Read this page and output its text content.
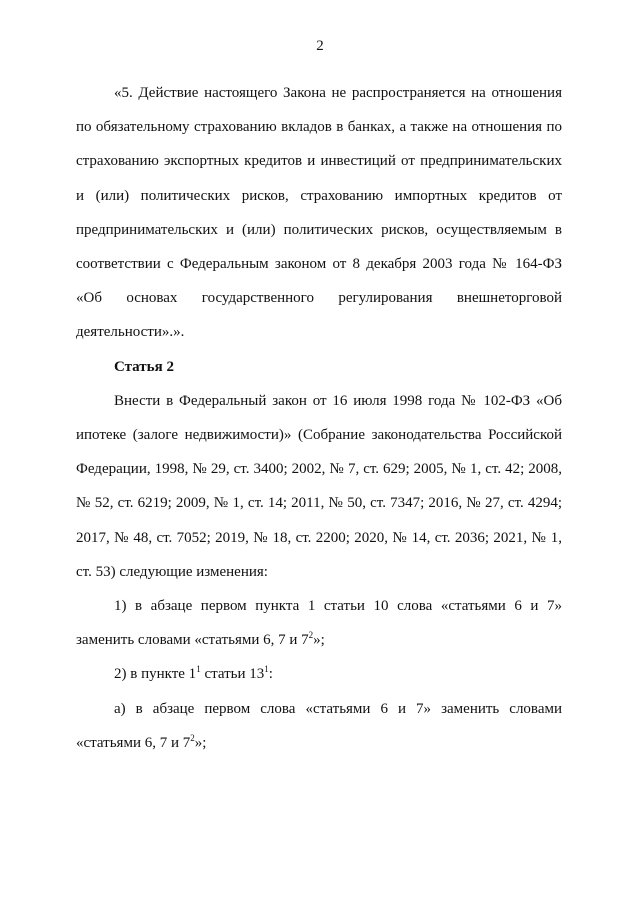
2

«5. Действие настоящего Закона не распространяется на отношения по обязательному страхованию вкладов в банках, а также на отношения по страхованию экспортных кредитов и инвестиций от предпринимательских и (или) политических рисков, страхованию импортных кредитов от предпринимательских и (или) политических рисков, осуществляемым в соответствии с Федеральным законом от 8 декабря 2003 года № 164-ФЗ «Об основах государственного регулирования внешнеторговой деятельности».».

Статья 2

Внести в Федеральный закон от 16 июля 1998 года № 102-ФЗ «Об ипотеке (залоге недвижимости)» (Собрание законодательства Российской Федерации, 1998, № 29, ст. 3400; 2002, № 7, ст. 629; 2005, № 1, ст. 42; 2008, № 52, ст. 6219; 2009, № 1, ст. 14; 2011, № 50, ст. 7347; 2016, № 27, ст. 4294; 2017, № 48, ст. 7052; 2019, № 18, ст. 2200; 2020, № 14, ст. 2036; 2021, № 1, ст. 53) следующие изменения:

1) в абзаце первом пункта 1 статьи 10 слова «статьями 6 и 7» заменить словами «статьями 6, 7 и $7^2$»;

2) в пункте $1^1$ статьи $13^1$:

а) в абзаце первом слова «статьями 6 и 7» заменить словами «статьями 6, 7 и $7^2$»;
